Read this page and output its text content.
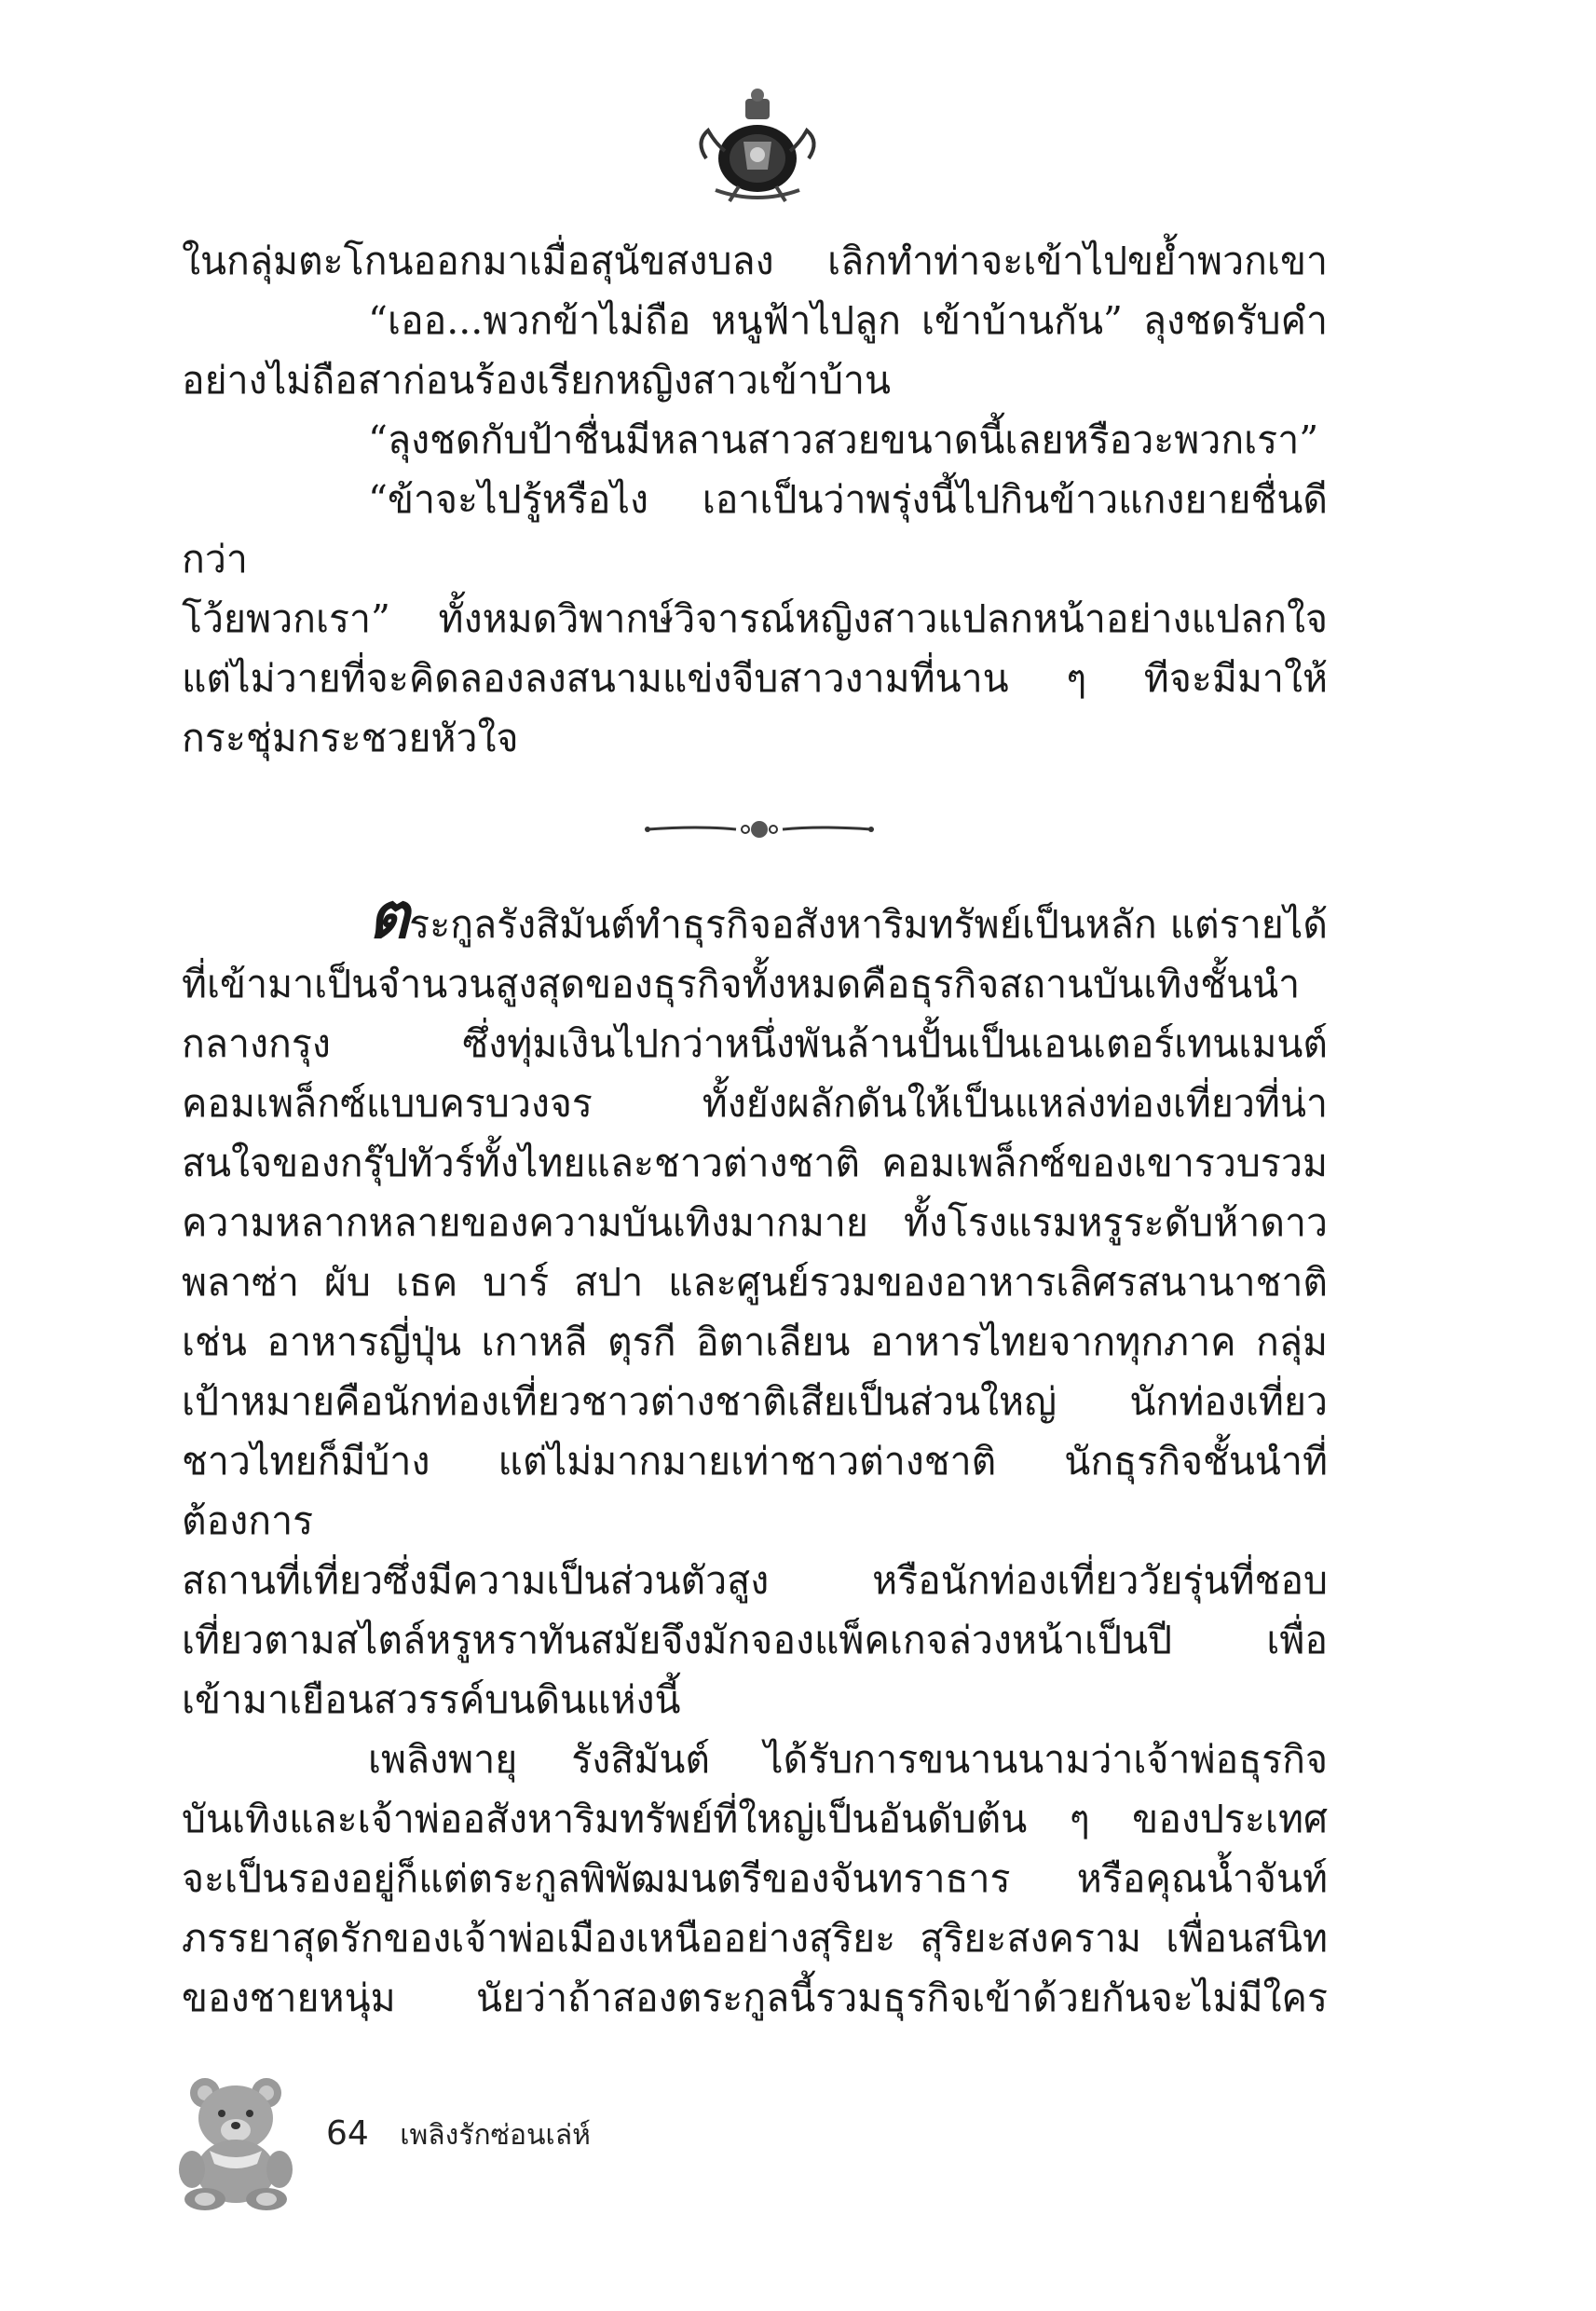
ในกลุ่มตะโกนออกมาเมื่อสุนัขสงบลง เลิกทำท่าจะเข้าไปขย้ำพวกเขา

“เออ...พวกข้าไม่ถือ หนูฟ้าไปลูก เข้าบ้านกัน” ลุงชดรับคำ

อย่างไม่ถือสาก่อนร้องเรียกหญิงสาวเข้าบ้าน

“ลุงชดกับป้าชื่นมีหลานสาวสวยขนาดนี้เลยหรือวะพวกเรา”

“ข้าจะไปรู้หรือไง เอาเป็นว่าพรุ่งนี้ไปกินข้าวแกงยายชื่นดีกว่า

โว้ยพวกเรา” ทั้งหมดวิพากษ์วิจารณ์หญิงสาวแปลกหน้าอย่างแปลกใจ

แต่ไม่วายที่จะคิดลองลงสนามแข่งจีบสาวงามที่นาน ๆ ทีจะมีมาให้

กระชุ่มกระชวยหัวใจ

ตระกูลรังสิมันต์ทำธุรกิจอสังหาริมทรัพย์เป็นหลัก แต่รายได้

ที่เข้ามาเป็นจำนวนสูงสุดของธุรกิจทั้งหมดคือธุรกิจสถานบันเทิงชั้นนำ

กลางกรุง ซึ่งทุ่มเงินไปกว่าหนึ่งพันล้านปั้นเป็นเอนเตอร์เทนเมนต์

คอมเพล็กซ์แบบครบวงจร ทั้งยังผลักดันให้เป็นแหล่งท่องเที่ยวที่น่า

สนใจของกรุ๊ปทัวร์ทั้งไทยและชาวต่างชาติ คอมเพล็กซ์ของเขารวบรวม

ความหลากหลายของความบันเทิงมากมาย ทั้งโรงแรมหรูระดับห้าดาว

พลาซ่า ผับ เธค บาร์ สปา และศูนย์รวมของอาหารเลิศรสนานาชาติ

เช่น อาหารญี่ปุ่น เกาหลี ตุรกี อิตาเลียน อาหารไทยจากทุกภาค กลุ่ม

เป้าหมายคือนักท่องเที่ยวชาวต่างชาติเสียเป็นส่วนใหญ่ นักท่องเที่ยว

ชาวไทยก็มีบ้าง แต่ไม่มากมายเท่าชาวต่างชาติ นักธุรกิจชั้นนำที่ต้องการ

สถานที่เที่ยวซึ่งมีความเป็นส่วนตัวสูง หรือนักท่องเที่ยววัยรุ่นที่ชอบ

เที่ยวตามสไตล์หรูหราทันสมัยจึงมักจองแพ็คเกจล่วงหน้าเป็นปี เพื่อ

เข้ามาเยือนสวรรค์บนดินแห่งนี้

เพลิงพายุ รังสิมันต์ ได้รับการขนานนามว่าเจ้าพ่อธุรกิจ

บันเทิงและเจ้าพ่ออสังหาริมทรัพย์ที่ใหญ่เป็นอันดับต้น ๆ ของประเทศ

จะเป็นรองอยู่ก็แต่ตระกูลพิพัฒมนตรีของจันทราธาร หรือคุณน้ำจันท์

ภรรยาสุดรักของเจ้าพ่อเมืองเหนืออย่างสุริยะ สุริยะสงคราม เพื่อนสนิท

ของชายหนุ่ม นัยว่าถ้าสองตระกูลนี้รวมธุรกิจเข้าด้วยกันจะไม่มีใคร

64 เพลิงรักซ่อนเล่ห์
